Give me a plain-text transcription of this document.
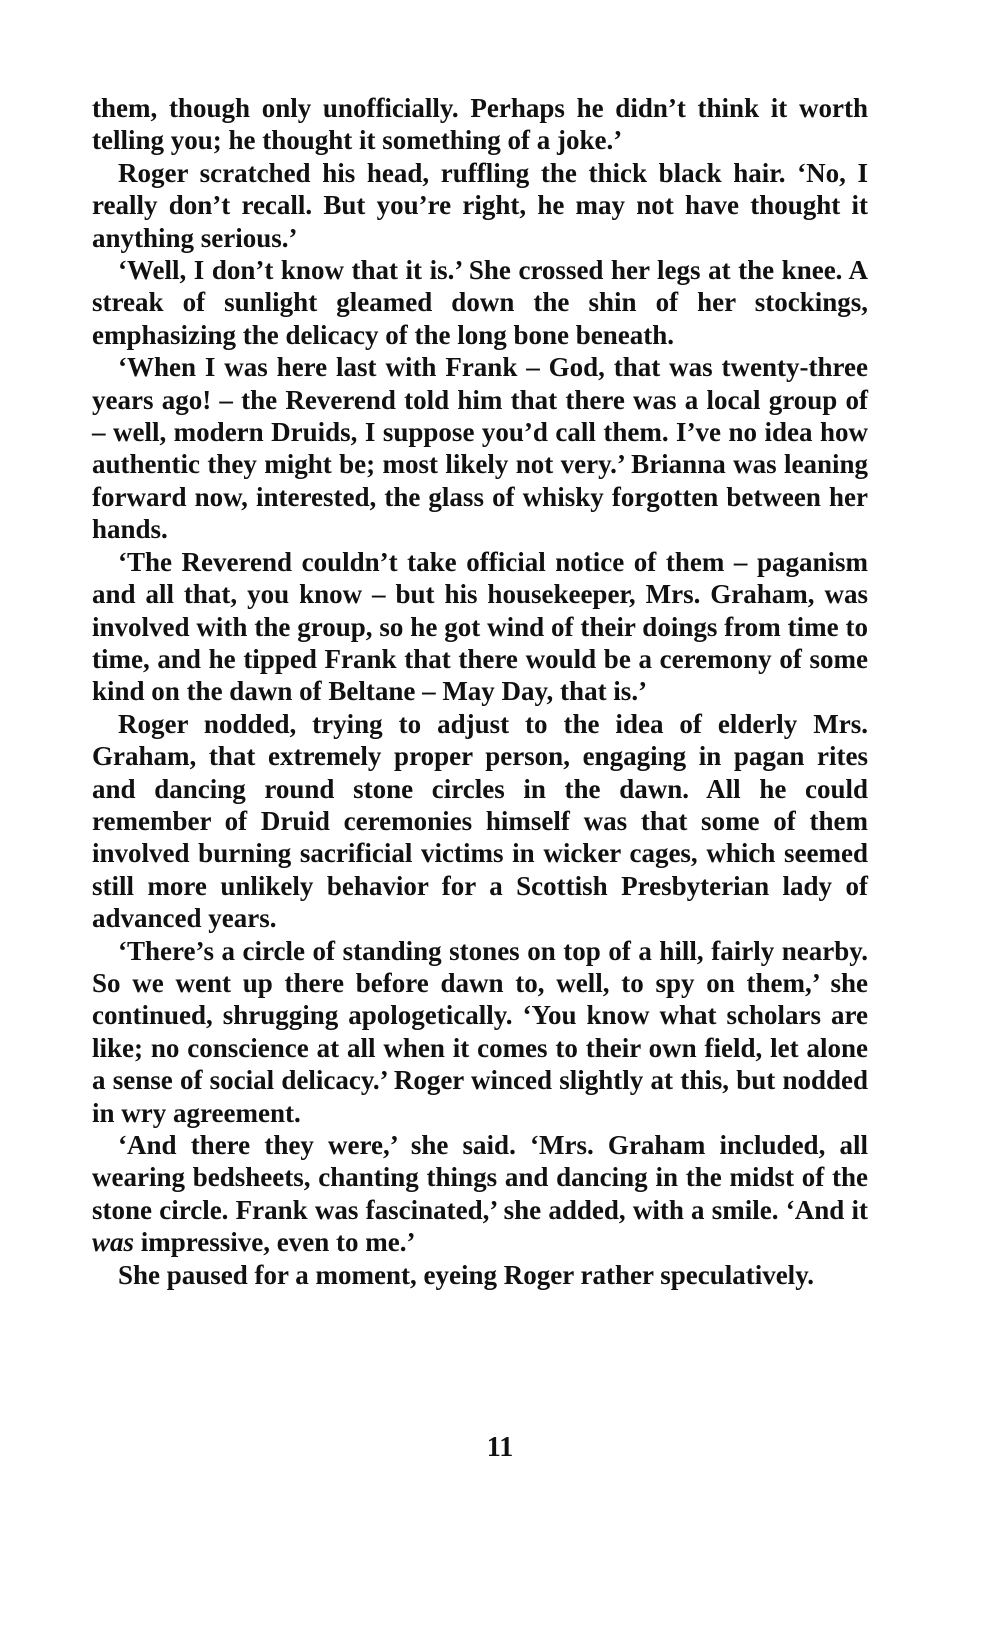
them, though only unofficially. Perhaps he didn’t think it worth telling you; he thought it something of a joke.’

Roger scratched his head, ruffling the thick black hair. ‘No, I really don’t recall. But you’re right, he may not have thought it anything serious.’

‘Well, I don’t know that it is.’ She crossed her legs at the knee. A streak of sunlight gleamed down the shin of her stockings, emphasizing the delicacy of the long bone beneath.

‘When I was here last with Frank – God, that was twenty-three years ago! – the Reverend told him that there was a local group of – well, modern Druids, I suppose you’d call them. I’ve no idea how authentic they might be; most likely not very.’ Brianna was leaning forward now, interested, the glass of whisky forgotten between her hands.

‘The Reverend couldn’t take official notice of them – paganism and all that, you know – but his housekeeper, Mrs. Graham, was involved with the group, so he got wind of their doings from time to time, and he tipped Frank that there would be a ceremony of some kind on the dawn of Beltane – May Day, that is.’

Roger nodded, trying to adjust to the idea of elderly Mrs. Graham, that extremely proper person, engaging in pagan rites and dancing round stone circles in the dawn. All he could remember of Druid ceremonies himself was that some of them involved burning sacrificial victims in wicker cages, which seemed still more unlikely behavior for a Scottish Presbyterian lady of advanced years.

‘There’s a circle of standing stones on top of a hill, fairly nearby. So we went up there before dawn to, well, to spy on them,’ she continued, shrugging apologetically. ‘You know what scholars are like; no conscience at all when it comes to their own field, let alone a sense of social delicacy.’ Roger winced slightly at this, but nodded in wry agreement.

‘And there they were,’ she said. ‘Mrs. Graham included, all wearing bedsheets, chanting things and dancing in the midst of the stone circle. Frank was fascinated,’ she added, with a smile. ‘And it was impressive, even to me.’

She paused for a moment, eyeing Roger rather speculatively.

11
